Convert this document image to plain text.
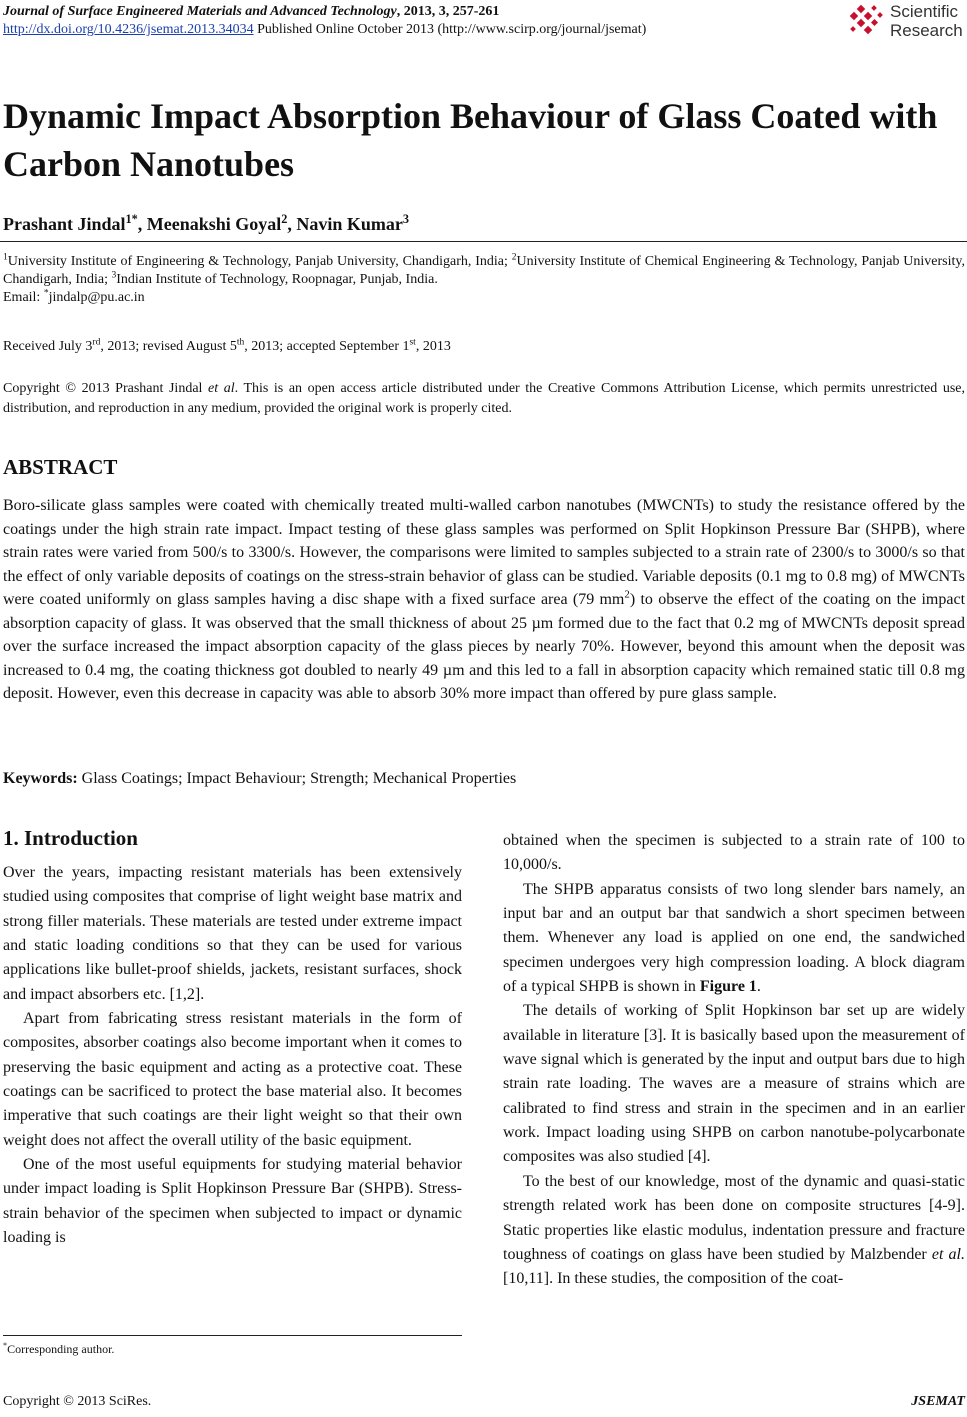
Journal of Surface Engineered Materials and Advanced Technology, 2013, 3, 257-261
http://dx.doi.org/10.4236/jsemat.2013.34034 Published Online October 2013 (http://www.scirp.org/journal/jsemat)
Scientific
Research
Dynamic Impact Absorption Behaviour of Glass Coated with Carbon Nanotubes
Prashant Jindal$^{1*}$, Meenakshi Goyal$^2$, Navin Kumar$^3$
$^1$University Institute of Engineering & Technology, Panjab University, Chandigarh, India; $^2$University Institute of Chemical Engineering & Technology, Panjab University, Chandigarh, India; $^3$Indian Institute of Technology, Roopnagar, Punjab, India.
Email: *jindalp@pu.ac.in
Received July 3rd, 2013; revised August 5th, 2013; accepted September 1st, 2013
Copyright © 2013 Prashant Jindal et al. This is an open access article distributed under the Creative Commons Attribution License, which permits unrestricted use, distribution, and reproduction in any medium, provided the original work is properly cited.
ABSTRACT

Boro-silicate glass samples were coated with chemically treated multi-walled carbon nanotubes (MWCNTs) to study the resistance offered by the coatings under the high strain rate impact. Impact testing of these glass samples was performed on Split Hopkinson Pressure Bar (SHPB), where strain rates were varied from 500/s to 3300/s. However, the comparisons were limited to samples subjected to a strain rate of 2300/s to 3000/s so that the effect of only variable deposits of coatings on the stress-strain behavior of glass can be studied. Variable deposits (0.1 mg to 0.8 mg) of MWCNTs were coated uniformly on glass samples having a disc shape with a fixed surface area (79 $mm^2$) to observe the effect of the coating on the impact absorption capacity of glass. It was observed that the small thickness of about 25 µm formed due to the fact that 0.2 mg of MWCNTs deposit spread over the surface increased the impact absorption capacity of the glass pieces by nearly 70%. However, beyond this amount when the deposit was increased to 0.4 mg, the coating thickness got doubled to nearly 49 µm and this led to a fall in absorption capacity which remained static till 0.8 mg deposit. However, even this decrease in capacity was able to absorb 30% more impact than offered by pure glass sample.

Keywords: Glass Coatings; Impact Behaviour; Strength; Mechanical Properties
1. Introduction

Over the years, impacting resistant materials has been extensively studied using composites that comprise of light weight base matrix and strong filler materials. These materials are tested under extreme impact and static loading conditions so that they can be used for various applications like bullet-proof shields, jackets, resistant surfaces, shock and impact absorbers etc. [1,2].

Apart from fabricating stress resistant materials in the form of composites, absorber coatings also become important when it comes to preserving the basic equipment and acting as a protective coat. These coatings can be sacrificed to protect the base material also. It becomes imperative that such coatings are their light weight so that their own weight does not affect the overall utility of the basic equipment.

One of the most useful equipments for studying material behavior under impact loading is Split Hopkinson Pressure Bar (SHPB). Stress-strain behavior of the specimen when subjected to impact or dynamic loading is

obtained when the specimen is subjected to a strain rate of 100 to 10,000/s.

The SHPB apparatus consists of two long slender bars namely, an input bar and an output bar that sandwich a short specimen between them. Whenever any load is applied on one end, the sandwiched specimen undergoes very high compression loading. A block diagram of a typical SHPB is shown in Figure 1.

The details of working of Split Hopkinson bar set up are widely available in literature [3]. It is basically based upon the measurement of wave signal which is generated by the input and output bars due to high strain rate loading. The waves are a measure of strains which are calibrated to find stress and strain in the specimen and in an earlier work. Impact loading using SHPB on carbon nanotube-polycarbonate composites was also studied [4].

To the best of our knowledge, most of the dynamic and quasi-static strength related work has been done on composite structures [4-9]. Static properties like elastic modulus, indentation pressure and fracture toughness of coatings on glass have been studied by Malzbender et al. [10,11]. In these studies, the composition of the coat-

*Corresponding author.
Copyright © 2013 SciRes.	JSEMAT
